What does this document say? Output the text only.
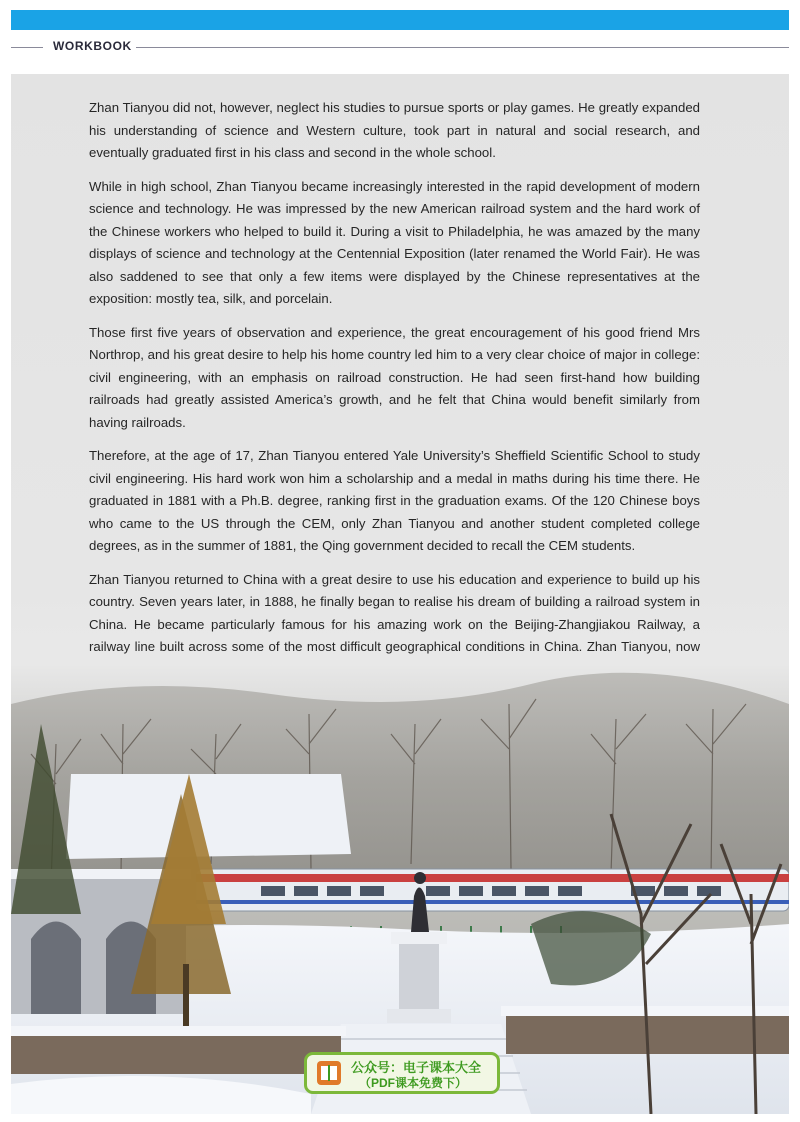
WORKBOOK

Zhan Tianyou did not, however, neglect his studies to pursue sports or play games. He greatly expanded his understanding of science and Western culture, took part in natural and social research, and eventually graduated first in his class and second in the whole school.

While in high school, Zhan Tianyou became increasingly interested in the rapid development of modern science and technology. He was impressed by the new American railroad system and the hard work of the Chinese workers who helped to build it. During a visit to Philadelphia, he was amazed by the many displays of science and technology at the Centennial Exposition (later renamed the World Fair). He was also saddened to see that only a few items were displayed by the Chinese representatives at the exposition: mostly tea, silk, and porcelain.

Those first five years of observation and experience, the great encouragement of his good friend Mrs Northrop, and his great desire to help his home country led him to a very clear choice of major in college: civil engineering, with an emphasis on railroad construction. He had seen first-hand how building railroads had greatly assisted America’s growth, and he felt that China would benefit similarly from having railroads.

Therefore, at the age of 17, Zhan Tianyou entered Yale University’s Sheffield Scientific School to study civil engineering. His hard work won him a scholarship and a medal in maths during his time there. He graduated in 1881 with a Ph.B. degree, ranking first in the graduation exams. Of the 120 Chinese boys who came to the US through the CEM, only Zhan Tianyou and another student completed college degrees, as in the summer of 1881, the Qing government decided to recall the CEM students.

Zhan Tianyou returned to China with a great desire to use his education and experience to build up his country. Seven years later, in 1888, he finally began to realise his dream of building a railroad system in China. He became particularly famous for his amazing work on the Beijing-Zhangjiakou Railway, a railway line built across some of the most difficult geographical conditions in China. Zhan Tianyou, now

公众号：电子课本大全
（PDF课本免费下）
